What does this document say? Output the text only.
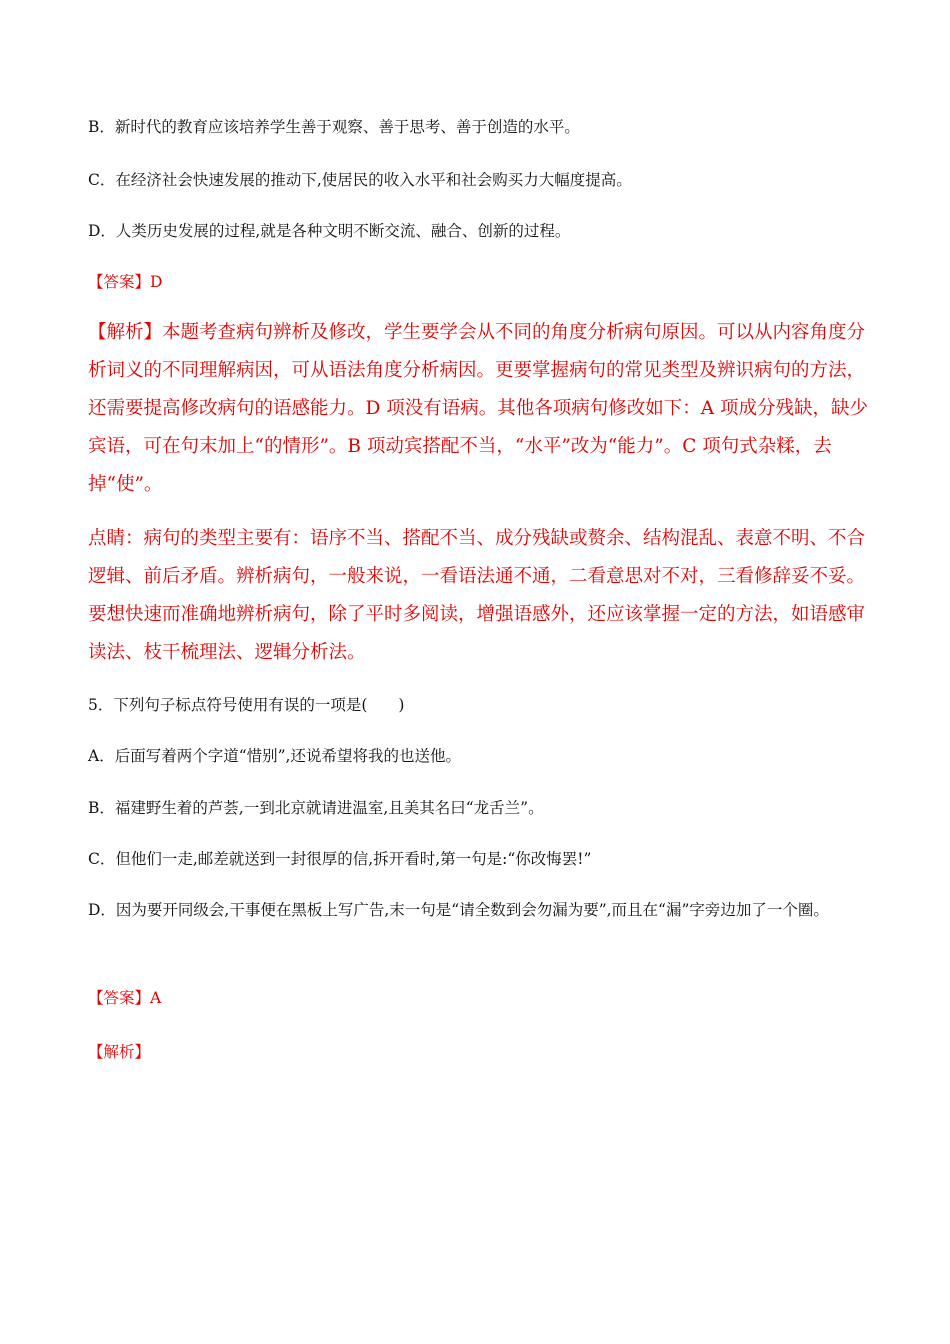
B．新时代的教育应该培养学生善于观察、善于思考、善于创造的水平。
C．在经济社会快速发展的推动下,使居民的收入水平和社会购买力大幅度提高。
D．人类历史发展的过程,就是各种文明不断交流、融合、创新的过程。
【答案】D

【解析】本题考查病句辨析及修改，学生要学会从不同的角度分析病句原因。可以从内容角度分析词义的不同理解病因，可从语法角度分析病因。更要掌握病句的常见类型及辨识病句的方法，还需要提高修改病句的语感能力。D 项没有语病。其他各项病句修改如下：A 项成分残缺，缺少宾语，可在句末加上“的情形”。B 项动宾搭配不当，“水平”改为“能力”。C 项句式杂糅，去掉“使”。

点睛：病句的类型主要有：语序不当、搭配不当、成分残缺或赘余、结构混乱、表意不明、不合逻辑、前后矛盾。辨析病句，一般来说，一看语法通不通，二看意思对不对，三看修辞妥不妥。要想快速而准确地辨析病句，除了平时多阅读，增强语感外，还应该掌握一定的方法，如语感审读法、枝干梳理法、逻辑分析法。

5．下列句子标点符号使用有误的一项是(　　)
A．后面写着两个字道“惜别”,还说希望将我的也送他。
B．福建野生着的芦荟,一到北京就请进温室,且美其名曰“龙舌兰”。
C．但他们一走,邮差就送到一封很厚的信,拆开看时,第一句是:“你改悔罢!”
D．因为要开同级会,干事便在黑板上写广告,末一句是“请全数到会勿漏为要”,而且在“漏”字旁边加了一个圈。
【答案】A
【解析】
